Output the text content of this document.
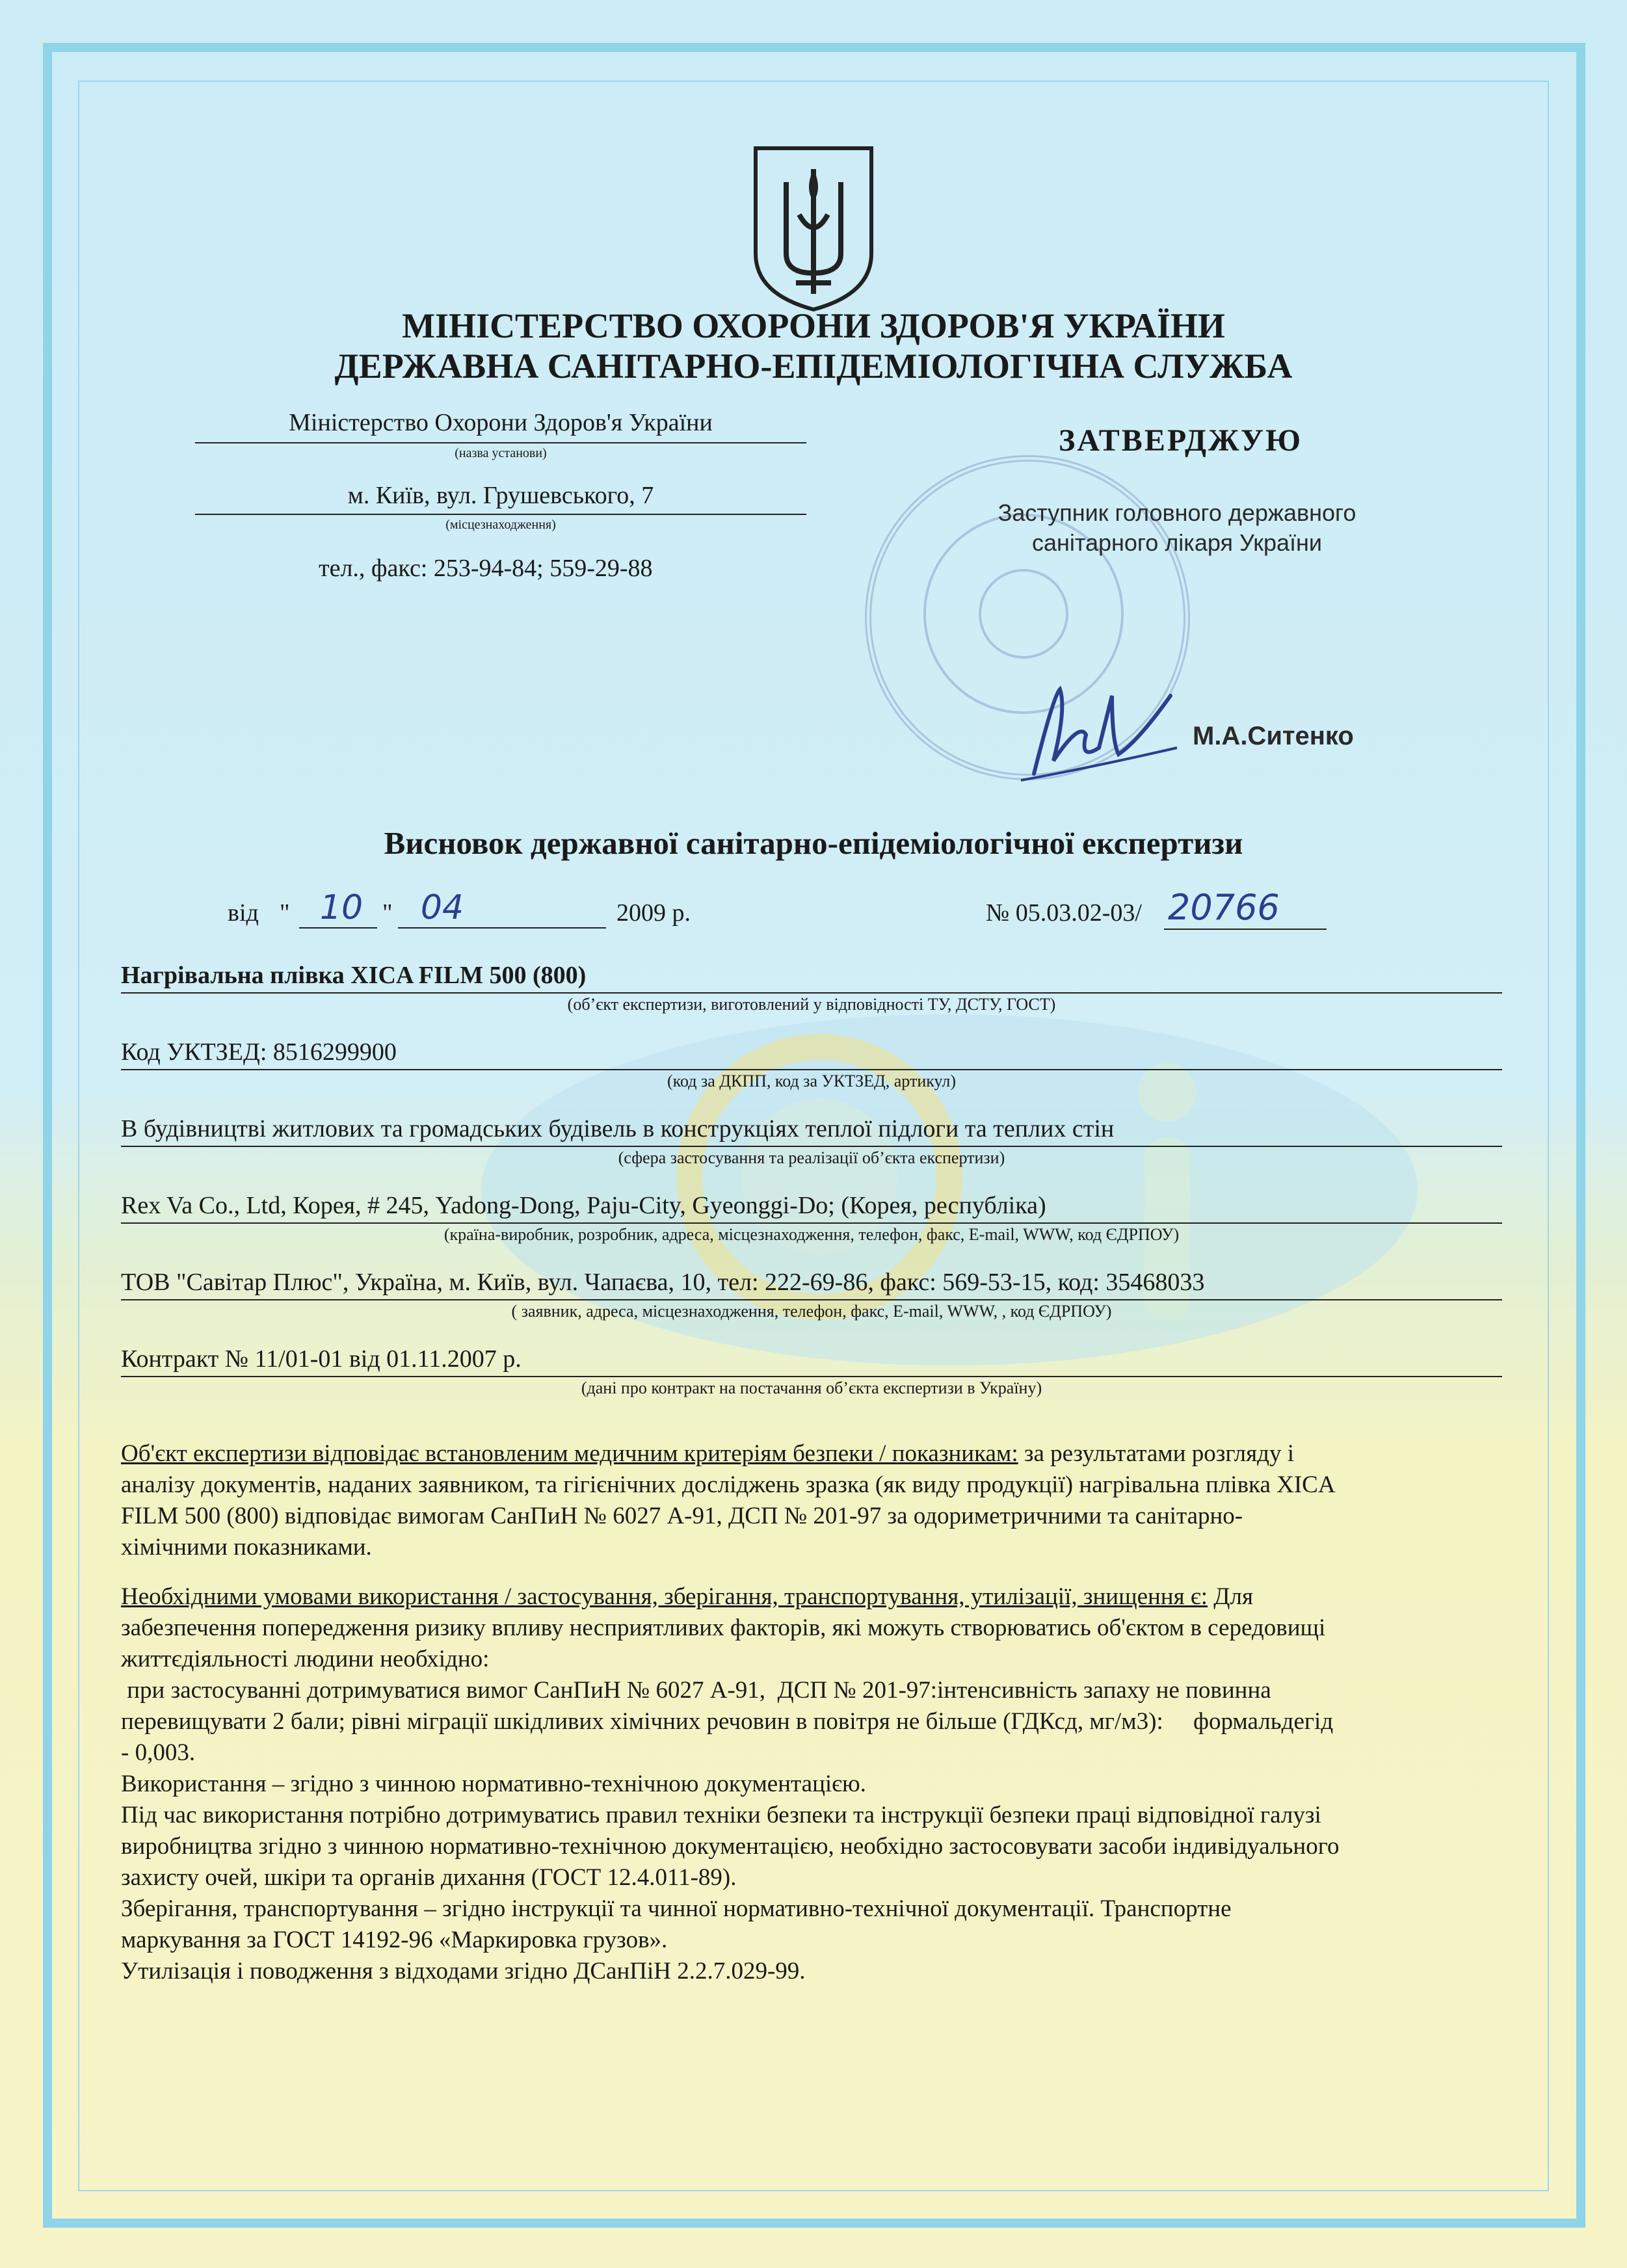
МІНІСТЕРСТВО ОХОРОНИ ЗДОРОВ'Я УКРАЇНИ
ДЕРЖАВНА САНІТАРНО-ЕПІДЕМІОЛОГІЧНА СЛУЖБА
Міністерство Охорони Здоров'я України
(назва установи)
м. Київ, вул. Грушевського, 7
(місцезнаходження)
тел., факс: 253-94-84; 559-29-88
ЗАТВЕРДЖУЮ
Заступник головного державного
санітарного лікаря України
М.А.Ситенко
Висновок державної санітарно-епідеміологічної експертизи
від " 10 " 04	2009 р.	№ 05.03.02-03/ 20766
Нагрівальна плівка XICA FILM 500 (800)
(об’єкт експертизи, виготовлений у відповідності ТУ, ДСТУ, ГОСТ)
Код УКТЗЕД: 8516299900
(код за ДКПП, код за УКТЗЕД, артикул)
В будівництві житлових та громадських будівель в конструкціях теплої підлоги та теплих стін
(сфера застосування та реалізації об’єкта експертизи)
Rex Va Co., Ltd, Корея, # 245, Yadong-Dong, Paju-City, Gyeonggi-Do; (Корея, республіка)
(країна-виробник, розробник, адреса, місцезнаходження, телефон, факс, E-mail, WWW, код ЄДРПОУ)
ТОВ "Савітар Плюс", Україна, м. Київ, вул. Чапаєва, 10, тел: 222-69-86, факс: 569-53-15, код: 35468033
( заявник, адреса, місцезнаходження, телефон, факс, E-mail, WWW, , код ЄДРПОУ)
Контракт № 11/01-01 від 01.11.2007 р.
(дані про контракт на постачання об’єкта експертизи в Україну)
Об'єкт експертизи відповідає встановленим медичним критеріям безпеки / показникам: за результатами розгляду і
аналізу документів, наданих заявником, та гігієнічних досліджень зразка (як виду продукції) нагрівальна плівка XICA
FILM 500 (800) відповідає вимогам СанПиН № 6027 А-91, ДСП № 201-97 за одориметричними та санітарно-
хімічними показниками.
Необхідними умовами використання / застосування, зберігання, транспортування, утилізації, знищення є: Для
забезпечення попередження ризику впливу несприятливих факторів, які можуть створюватись об'єктом в середовищі
життєдіяльності людини необхідно:
при застосуванні дотримуватися вимог СанПиН № 6027 А-91,  ДСП № 201-97:інтенсивність запаху не повинна
перевищувати 2 бали; рівні міграції шкідливих хімічних речовин в повітря не більше (ГДКсд, мг/м3):     формальдегід
- 0,003.
Використання – згідно з чинною нормативно-технічною документацією.
Під час використання потрібно дотримуватись правил техніки безпеки та інструкції безпеки праці відповідної галузі
виробництва згідно з чинною нормативно-технічною документацією, необхідно застосовувати засоби індивідуального
захисту очей, шкіри та органів дихання (ГОСТ 12.4.011-89).
Зберігання, транспортування – згідно інструкції та чинної нормативно-технічної документації. Транспортне
маркування за ГОСТ 14192-96 «Маркировка грузов».
Утилізація і поводження з відходами згідно ДСанПіН 2.2.7.029-99.
